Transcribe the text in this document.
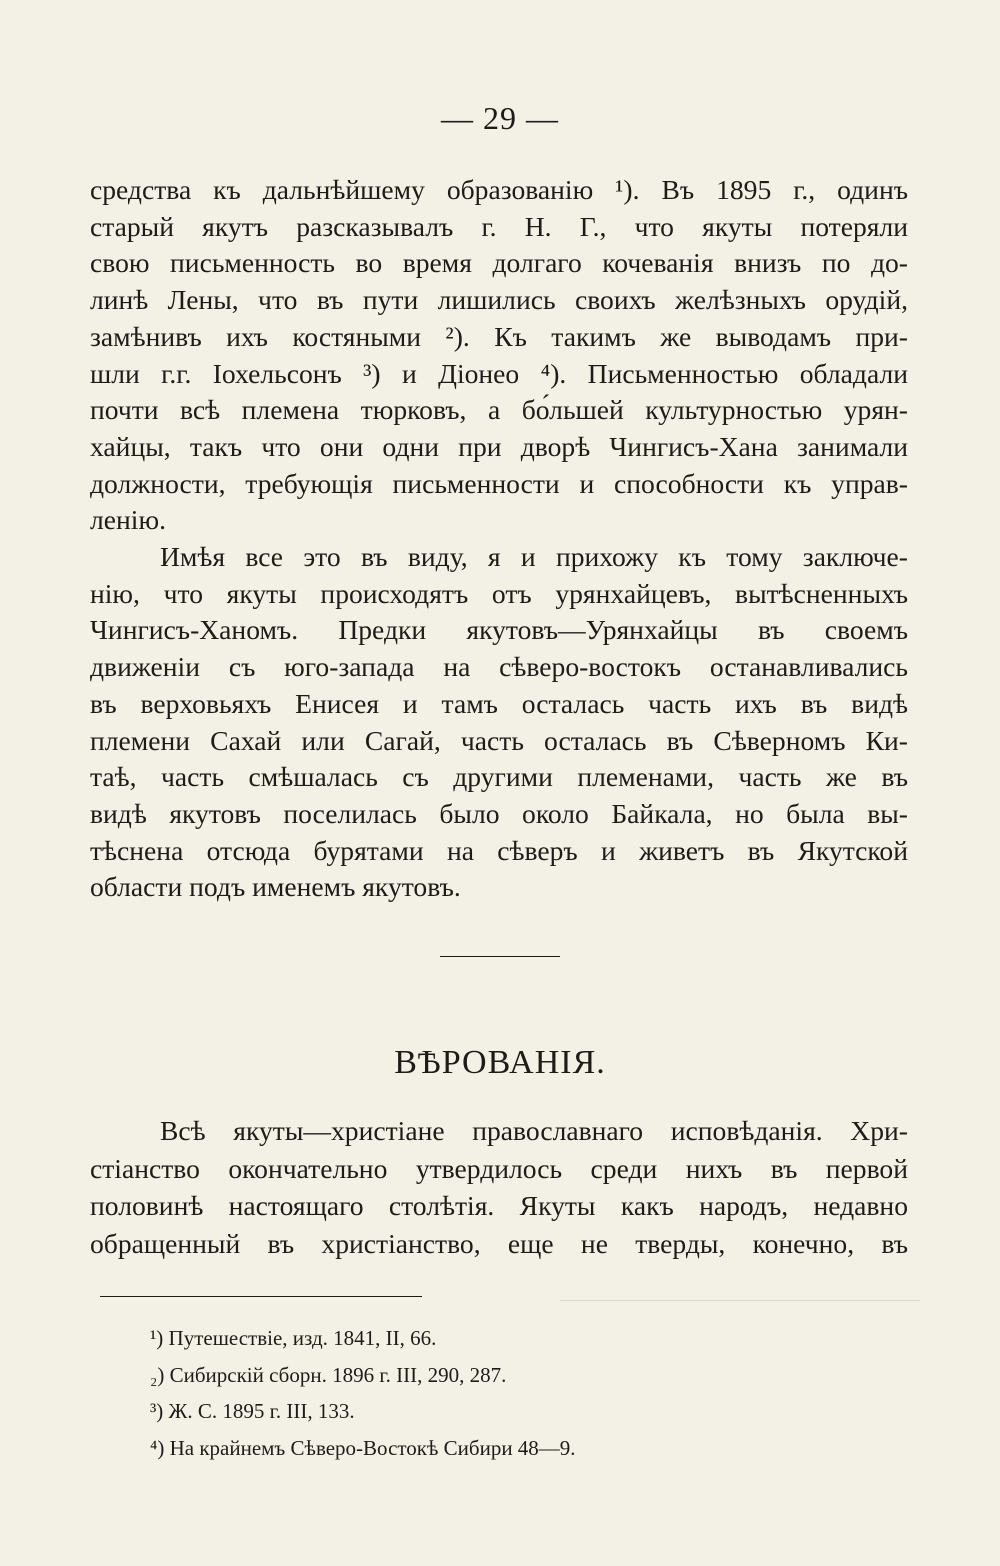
— 29 —
средства къ дальнѣйшему образованію ¹). Въ 1895 г., одинъ
старый якутъ разсказывалъ г. Н. Г., что якуты потеряли
свою письменность во время долгаго кочеванія внизъ по до-
линѣ Лены, что въ пути лишились своихъ желѣзныхъ орудій,
замѣнивъ ихъ костяными ²). Къ такимъ же выводамъ при-
шли г.г. Іохельсонъ ³) и Діонео ⁴). Письменностью обладали
почти всѣ племена тюрковъ, а бо́льшей культурностью урян-
хайцы, такъ что они одни при дворѣ Чингисъ-Хана занимали
должности, требующія письменности и способности къ управ-
ленію.
Имѣя все это въ виду, я и прихожу къ тому заключе-
нію, что якуты происходятъ отъ урянхайцевъ, вытѣсненныхъ
Чингисъ-Ханомъ. Предки якутовъ—Урянхайцы въ своемъ
движеніи съ юго-запада на сѣверо-востокъ останавливались
въ верховьяхъ Енисея и тамъ осталась часть ихъ въ видѣ
племени Сахай или Сагай, часть осталась въ Сѣверномъ Ки-
таѣ, часть смѣшалась съ другими племенами, часть же въ
видѣ якутовъ поселилась было около Байкала, но была вы-
тѣснена отсюда бурятами на сѣверъ и живетъ въ Якутской
области подъ именемъ якутовъ.
ВѢРОВАНІЯ.
Всѣ якуты—христіане православнаго исповѣданія. Хри-
стіанство окончательно утвердилось среди нихъ въ первой
половинѣ настоящаго столѣтія. Якуты какъ народъ, недавно
обращенный въ христіанство, еще не тверды, конечно, въ
¹) Путешествіе, изд. 1841, II, 66.
₂) Сибирскій сборн. 1896 г. III, 290, 287.
³) Ж. С. 1895 г. III, 133.
⁴) На крайнемъ Сѣверо-Востокѣ Сибири 48—9.
